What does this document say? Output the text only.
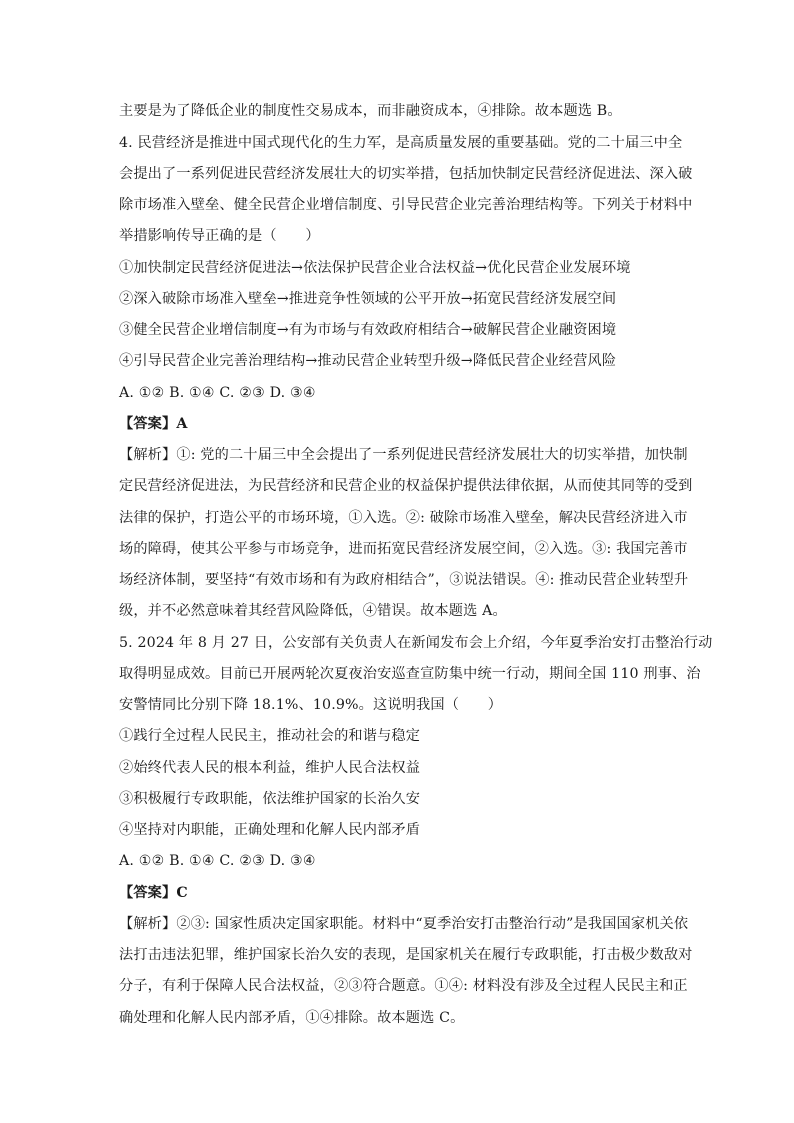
主要是为了降低企业的制度性交易成本，而非融资成本，④排除。故本题选 B。
4. 民营经济是推进中国式现代化的生力军，是高质量发展的重要基础。党的二十届三中全
会提出了一系列促进民营经济发展壮大的切实举措，包括加快制定民营经济促进法、深入破
除市场准入壁垒、健全民营企业增信制度、引导民营企业完善治理结构等。下列关于材料中
举措影响传导正确的是（　　）
①加快制定民营经济促进法→依法保护民营企业合法权益→优化民营企业发展环境
②深入破除市场准入壁垒→推进竞争性领域的公平开放→拓宽民营经济发展空间
③健全民营企业增信制度→有为市场与有效政府相结合→破解民营企业融资困境
④引导民营企业完善治理结构→推动民营企业转型升级→降低民营企业经营风险
A. ①② B. ①④ C. ②③ D. ③④
【答案】A
【解析】①: 党的二十届三中全会提出了一系列促进民营经济发展壮大的切实举措，加快制
定民营经济促进法，为民营经济和民营企业的权益保护提供法律依据，从而使其同等的受到
法律的保护，打造公平的市场环境，①入选。②: 破除市场准入壁垒，解决民营经济进入市
场的障碍，使其公平参与市场竞争，进而拓宽民营经济发展空间，②入选。③: 我国完善市
场经济体制，要坚持“有效市场和有为政府相结合”，③说法错误。④: 推动民营企业转型升
级，并不必然意味着其经营风险降低，④错误。故本题选 A。
5. 2024 年 8 月 27 日，公安部有关负责人在新闻发布会上介绍，今年夏季治安打击整治行动
取得明显成效。目前已开展两轮次夏夜治安巡查宣防集中统一行动，期间全国 110 刑事、治
安警情同比分别下降 18.1%、10.9%。这说明我国（　　）
①践行全过程人民民主，推动社会的和谐与稳定
②始终代表人民的根本利益，维护人民合法权益
③积极履行专政职能，依法维护国家的长治久安
④坚持对内职能，正确处理和化解人民内部矛盾
A. ①② B. ①④ C. ②③ D. ③④
【答案】C
【解析】②③: 国家性质决定国家职能。材料中“夏季治安打击整治行动”是我国国家机关依
法打击违法犯罪，维护国家长治久安的表现，是国家机关在履行专政职能，打击极少数敌对
分子，有利于保障人民合法权益，②③符合题意。①④: 材料没有涉及全过程人民民主和正
确处理和化解人民内部矛盾，①④排除。故本题选 C。
